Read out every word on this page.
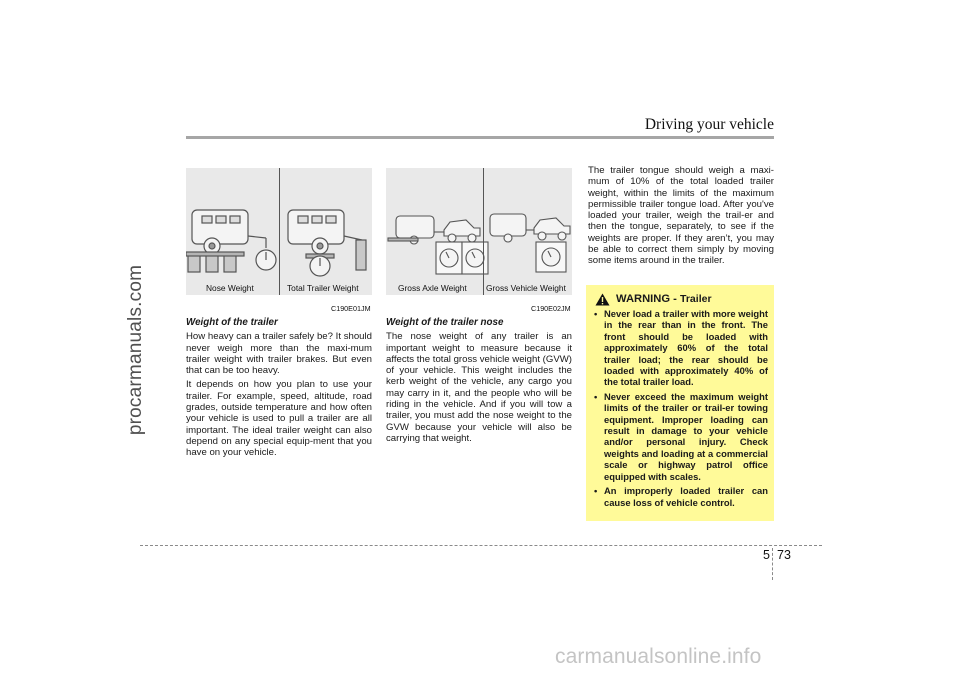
Driving your vehicle
procarmanuals.com	Nose Weight	Total Trailer Weight
C190E01JM
Gross Axle Weight Gross Vehicle Weight
C190E02JM

Weight of the trailer

How heavy can a trailer safely be? It should never weigh more than the maxi-mum trailer weight with trailer brakes. But even that can be too heavy.

It depends on how you plan to use your trailer. For example, speed, altitude, road grades, outside temperature and how often your vehicle is used to pull a trailer are all important. The ideal trailer weight can also depend on any special equip-ment that you have on your vehicle.

Weight of the trailer nose

The nose weight of any trailer is an important weight to measure because it affects the total gross vehicle weight (GVW) of your vehicle. This weight includes the kerb weight of the vehicle, any cargo you may carry in it, and the people who will be riding in the vehicle. And if you will tow a trailer, you must add the nose weight to the GVW because your vehicle will also be carrying that weight.

The trailer tongue should weigh a maxi-mum of 10% of the total loaded trailer weight, within the limits of the maximum permissible trailer tongue load. After you've loaded your trailer, weigh the trail-er and then the tongue, separately, to see if the weights are proper. If they aren’t, you may be able to correct them simply by moving some items around in the trailer.

WARNING - Trailer
• Never load a trailer with more weight in the rear than in the front. The front should be loaded with approximately 60% of the total trailer load; the rear should be loaded with approximately 40% of the total trailer load.
• Never exceed the maximum weight limits of the trailer or trail-er towing equipment. Improper loading can result in damage to your vehicle and/or personal injury. Check weights and loading at a commercial scale or highway patrol office equipped with scales.
• An improperly loaded trailer can cause loss of vehicle control.
5 73
carmanualsonline.info
